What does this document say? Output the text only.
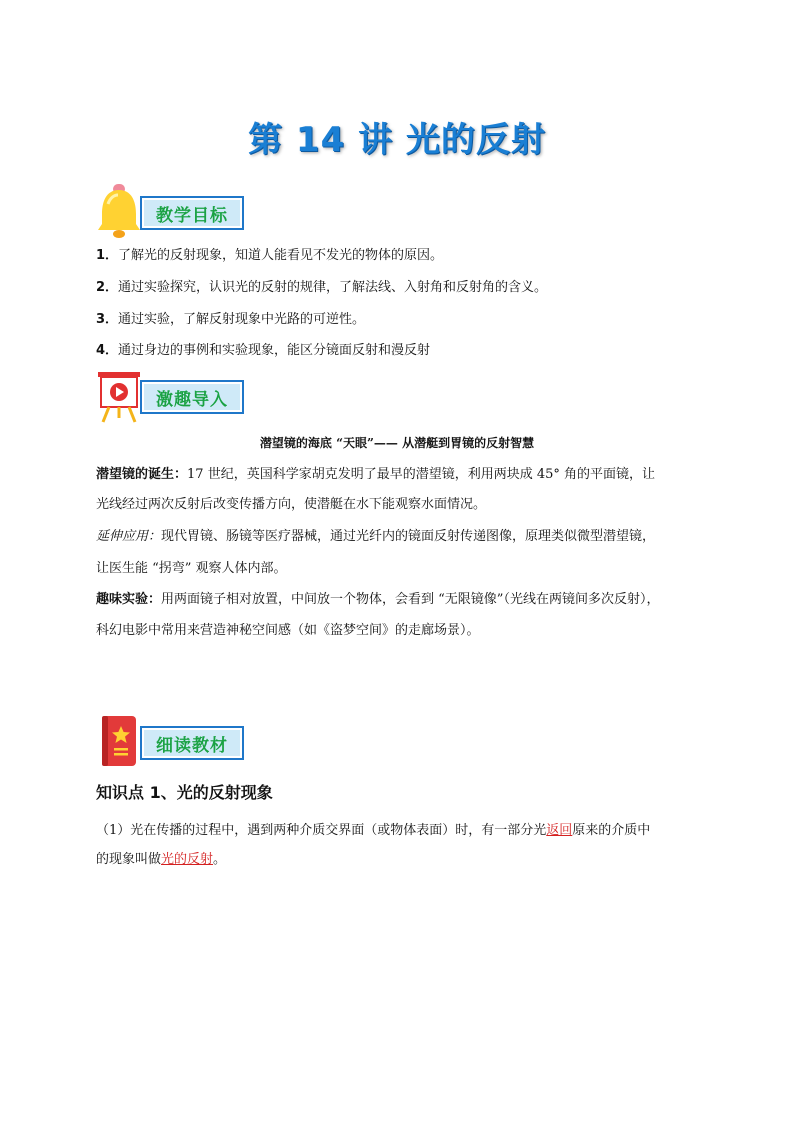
第 14 讲 光的反射
教学目标
1．了解光的反射现象，知道人能看见不发光的物体的原因。
2．通过实验探究，认识光的反射的规律，了解法线、入射角和反射角的含义。
3．通过实验，了解反射现象中光路的可逆性。
4．通过身边的事例和实验现象，能区分镜面反射和漫反射
激趣导入
潜望镜的海底 “天眼”—— 从潜艇到胃镜的反射智慧
潜望镜的诞生：17 世纪，英国科学家胡克发明了最早的潜望镜，利用两块成 45° 角的平面镜，让
光线经过两次反射后改变传播方向，使潜艇在水下能观察水面情况。
延伸应用：现代胃镜、肠镜等医疗器械，通过光纤内的镜面反射传递图像，原理类似微型潜望镜，
让医生能 “拐弯” 观察人体内部。
趣味实验：用两面镜子相对放置，中间放一个物体，会看到 “无限镜像”（光线在两镜间多次反射），
科幻电影中常用来营造神秘空间感（如《盗梦空间》的走廊场景）。
细读教材
知识点 1、光的反射现象
（1）光在传播的过程中，遇到两种介质交界面（或物体表面）时，有一部分光返回原来的介质中
的现象叫做光的反射。
